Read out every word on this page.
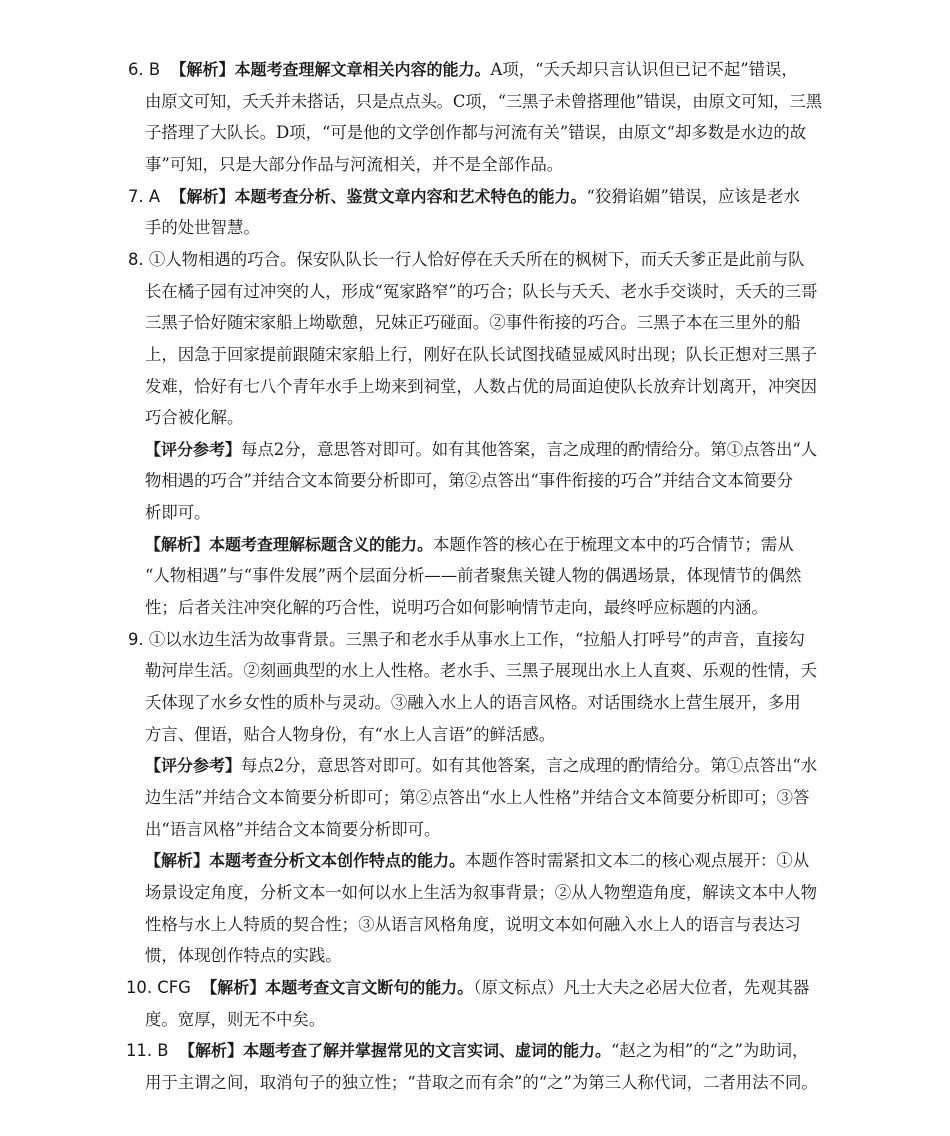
6. B  【解析】本题考查理解文章相关内容的能力。A项，“夭夭却只言认识但已记不起”错误，
由原文可知，夭夭并未搭话，只是点点头。C项，“三黑子未曾搭理他”错误，由原文可知，三黑
子搭理了大队长。D项，“可是他的文学创作都与河流有关”错误，由原文“却多数是水边的故
事”可知，只是大部分作品与河流相关，并不是全部作品。
7. A  【解析】本题考查分析、鉴赏文章内容和艺术特色的能力。“狡猾谄媚”错误，应该是老水
手的处世智慧。
8. ①人物相遇的巧合。保安队队长一行人恰好停在夭夭所在的枫树下，而夭夭爹正是此前与队
长在橘子园有过冲突的人，形成“冤家路窄”的巧合；队长与夭夭、老水手交谈时，夭夭的三哥
三黑子恰好随宋家船上坳歇憩，兄妹正巧碰面。②事件衔接的巧合。三黑子本在三里外的船
上，因急于回家提前跟随宋家船上行，刚好在队长试图找碴显威风时出现；队长正想对三黑子
发难，恰好有七八个青年水手上坳来到祠堂，人数占优的局面迫使队长放弃计划离开，冲突因
巧合被化解。
【评分参考】每点2分，意思答对即可。如有其他答案，言之成理的酌情给分。第①点答出“人
物相遇的巧合”并结合文本简要分析即可，第②点答出“事件衔接的巧合”并结合文本简要分
析即可。
【解析】本题考查理解标题含义的能力。本题作答的核心在于梳理文本中的巧合情节；需从
“人物相遇”与“事件发展”两个层面分析——前者聚焦关键人物的偶遇场景，体现情节的偶然
性；后者关注冲突化解的巧合性，说明巧合如何影响情节走向，最终呼应标题的内涵。
9. ①以水边生活为故事背景。三黑子和老水手从事水上工作，“拉船人打呼号”的声音，直接勾
勒河岸生活。②刻画典型的水上人性格。老水手、三黑子展现出水上人直爽、乐观的性情，夭
夭体现了水乡女性的质朴与灵动。③融入水上人的语言风格。对话围绕水上营生展开，多用
方言、俚语，贴合人物身份，有“水上人言语”的鲜活感。
【评分参考】每点2分，意思答对即可。如有其他答案，言之成理的酌情给分。第①点答出“水
边生活”并结合文本简要分析即可；第②点答出“水上人性格”并结合文本简要分析即可；③答
出“语言风格”并结合文本简要分析即可。
【解析】本题考查分析文本创作特点的能力。本题作答时需紧扣文本二的核心观点展开：①从
场景设定角度，分析文本一如何以水上生活为叙事背景；②从人物塑造角度，解读文本中人物
性格与水上人特质的契合性；③从语言风格角度，说明文本如何融入水上人的语言与表达习
惯，体现创作特点的实践。
10. CFG  【解析】本题考查文言文断句的能力。（原文标点）凡士大夫之必居大位者，先观其器
度。宽厚，则无不中矣。
11. B  【解析】本题考查了解并掌握常见的文言实词、虚词的能力。“赵之为相”的“之”为助词，
用于主谓之间，取消句子的独立性；“昔取之而有余”的“之”为第三人称代词，二者用法不同。
